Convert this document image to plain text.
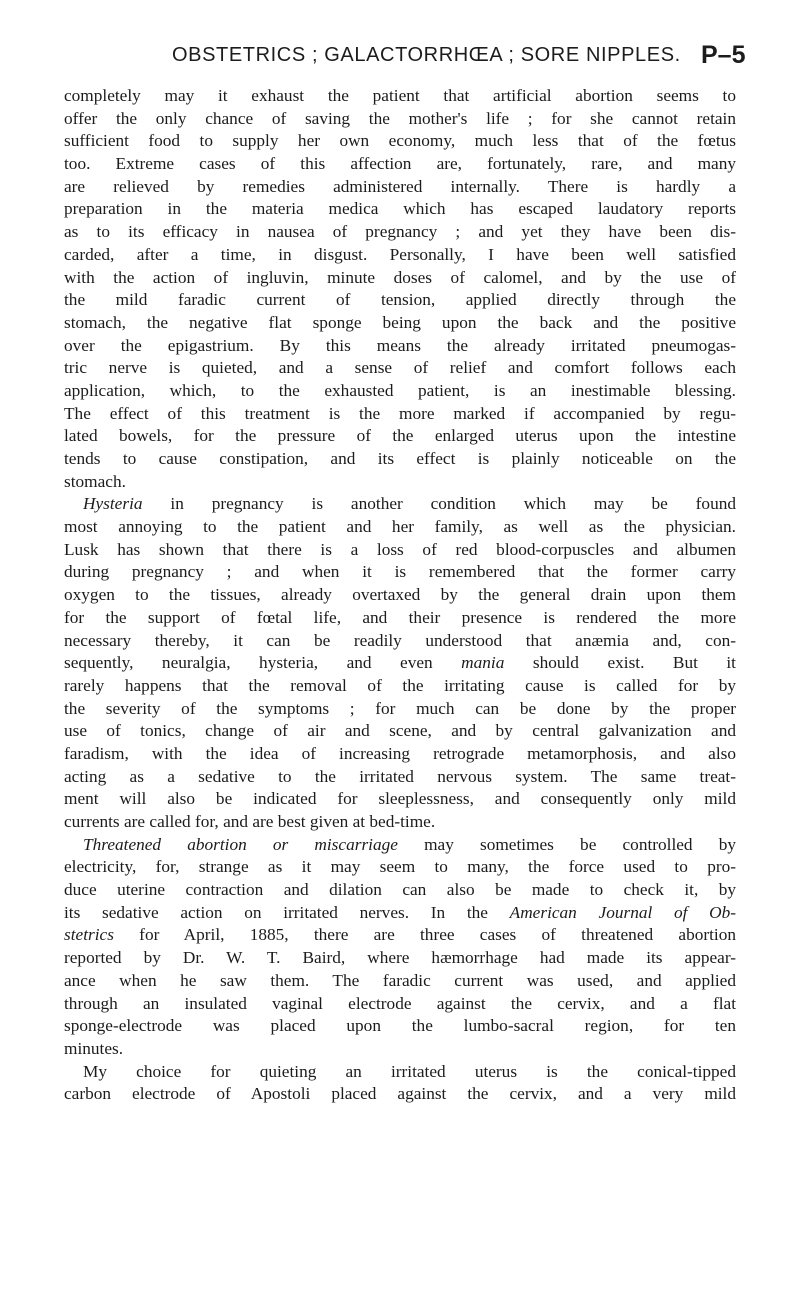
OBSTETRICS ; GALACTORRHŒA ; SORE NIPPLES. P–5
completely may it exhaust the patient that artificial abortion seems to
offer the only chance of saving the mother's life ; for she cannot retain
sufficient food to supply her own economy, much less that of the fœtus
too. Extreme cases of this affection are, fortunately, rare, and many
are relieved by remedies administered internally. There is hardly a
preparation in the materia medica which has escaped laudatory reports
as to its efficacy in nausea of pregnancy ; and yet they have been dis-
carded, after a time, in disgust. Personally, I have been well satisfied
with the action of ingluvin, minute doses of calomel, and by the use of
the mild faradic current of tension, applied directly through the
stomach, the negative flat sponge being upon the back and the positive
over the epigastrium. By this means the already irritated pneumogas-
tric nerve is quieted, and a sense of relief and comfort follows each
application, which, to the exhausted patient, is an inestimable blessing.
The effect of this treatment is the more marked if accompanied by regu-
lated bowels, for the pressure of the enlarged uterus upon the intestine
tends to cause constipation, and its effect is plainly noticeable on the
stomach.
Hysteria in pregnancy is another condition which may be found
most annoying to the patient and her family, as well as the physician.
Lusk has shown that there is a loss of red blood-corpuscles and albumen
during pregnancy ; and when it is remembered that the former carry
oxygen to the tissues, already overtaxed by the general drain upon them
for the support of fœtal life, and their presence is rendered the more
necessary thereby, it can be readily understood that anæmia and, con-
sequently, neuralgia, hysteria, and even mania should exist. But it
rarely happens that the removal of the irritating cause is called for by
the severity of the symptoms ; for much can be done by the proper
use of tonics, change of air and scene, and by central galvanization and
faradism, with the idea of increasing retrograde metamorphosis, and also
acting as a sedative to the irritated nervous system. The same treat-
ment will also be indicated for sleeplessness, and consequently only mild
currents are called for, and are best given at bed-time.
Threatened abortion or miscarriage may sometimes be controlled by
electricity, for, strange as it may seem to many, the force used to pro-
duce uterine contraction and dilation can also be made to check it, by
its sedative action on irritated nerves. In the American Journal of Ob-
stetrics for April, 1885, there are three cases of threatened abortion
reported by Dr. W. T. Baird, where hæmorrhage had made its appear-
ance when he saw them. The faradic current was used, and applied
through an insulated vaginal electrode against the cervix, and a flat
sponge-electrode was placed upon the lumbo-sacral region, for ten
minutes.
My choice for quieting an irritated uterus is the conical-tipped
carbon electrode of Apostoli placed against the cervix, and a very mild
